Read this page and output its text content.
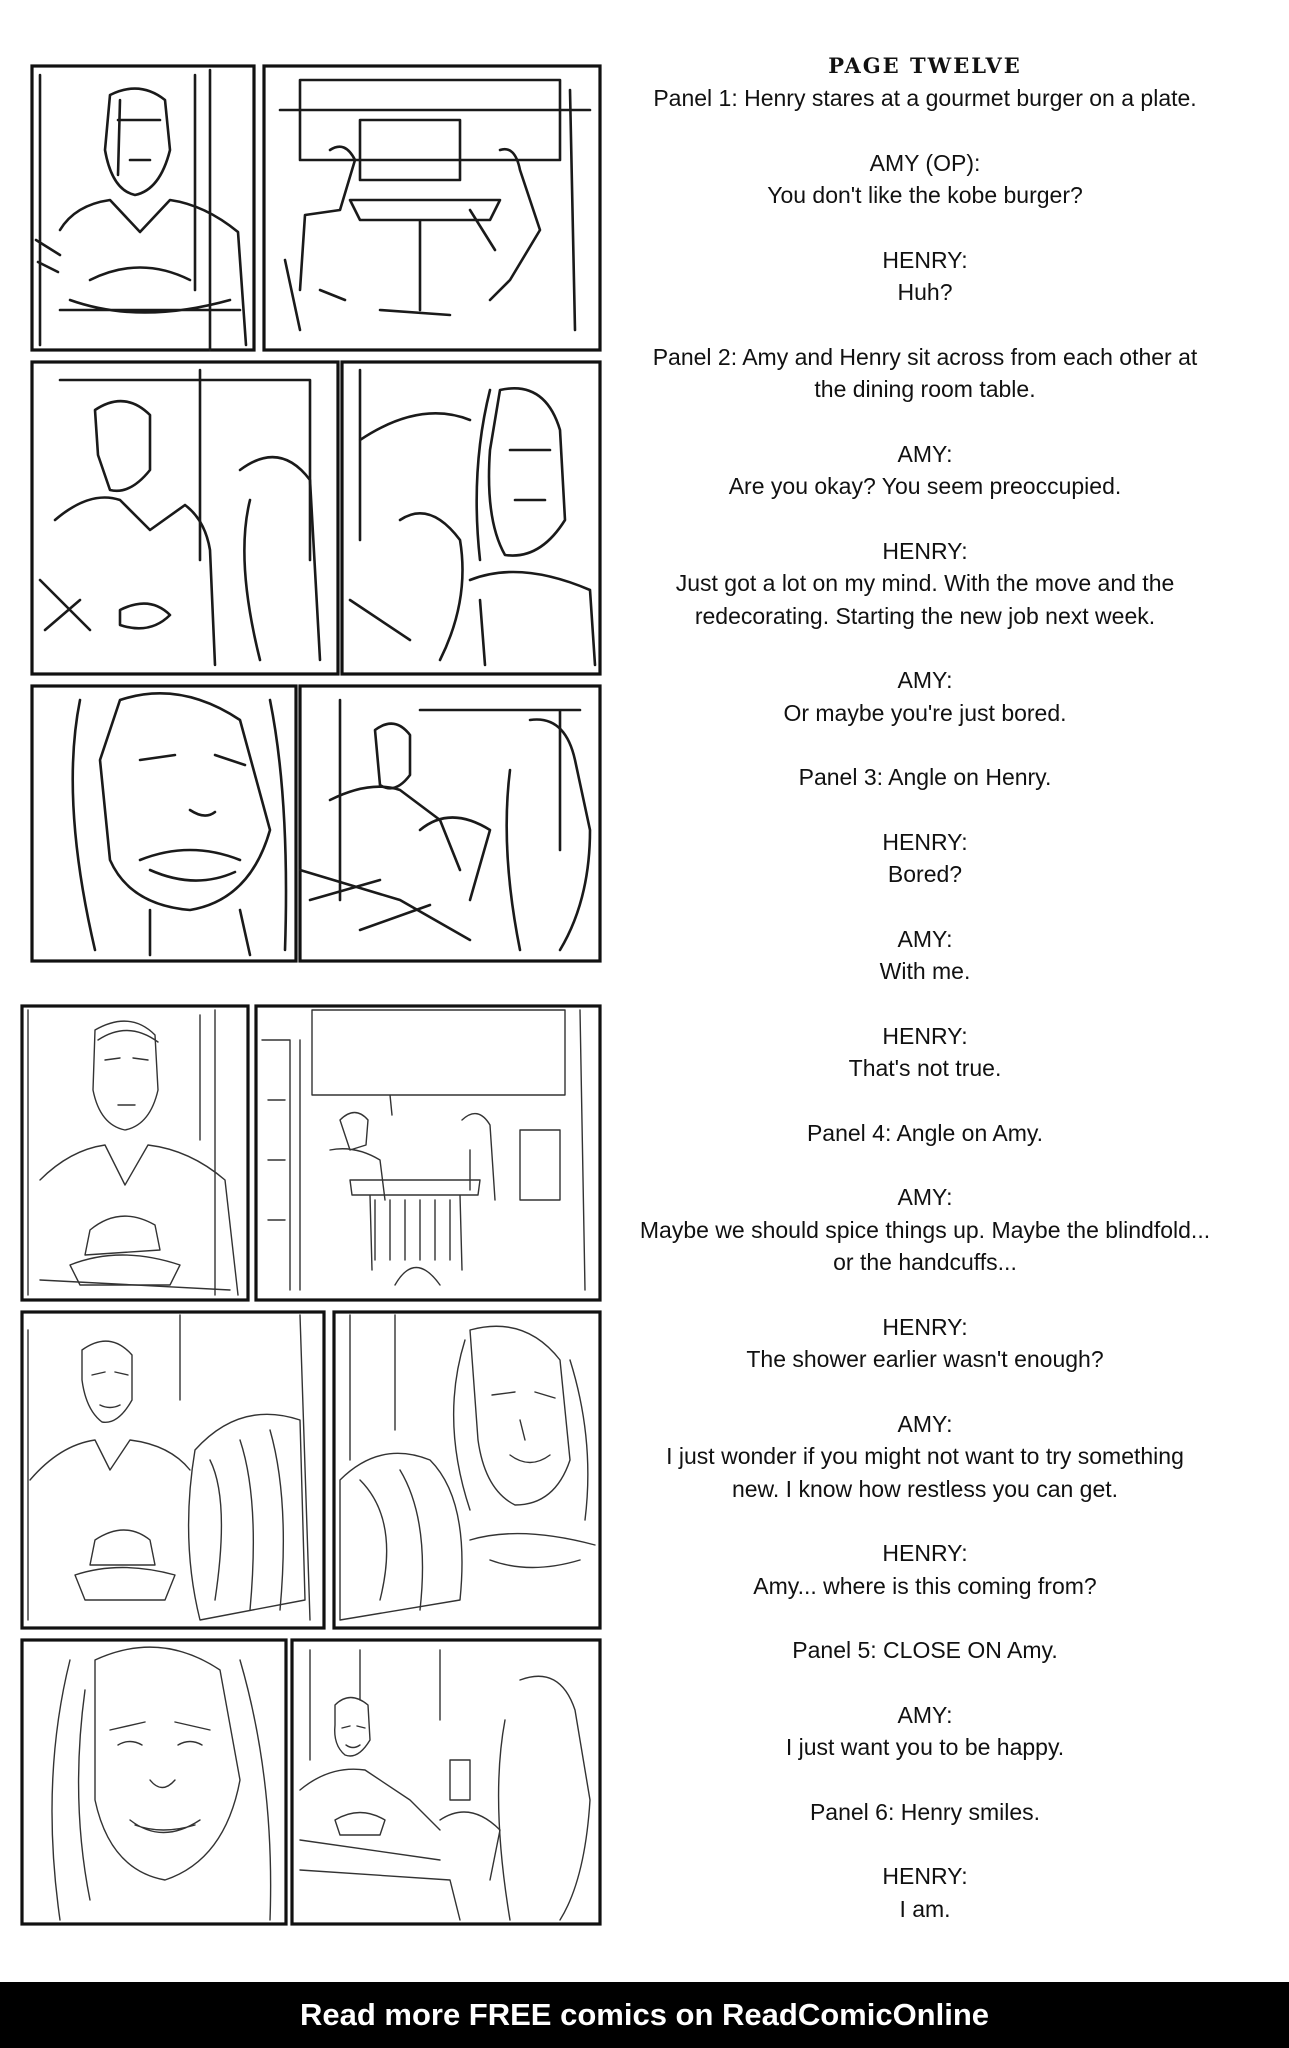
PAGE TWELVE
Panel 1: Henry stares at a gourmet burger on a plate.
AMY (OP):
You don't like the kobe burger?
HENRY:
Huh?
Panel 2: Amy and Henry sit across from each other at
the dining room table.
AMY:
Are you okay? You seem preoccupied.
HENRY:
Just got a lot on my mind. With the move and the
redecorating. Starting the new job next week.
AMY:
Or maybe you're just bored.
Panel 3: Angle on Henry.
HENRY:
Bored?
AMY:
With me.
HENRY:
That's not true.
Panel 4: Angle on Amy.
AMY:
Maybe we should spice things up. Maybe the blindfold...
or the handcuffs...
HENRY:
The shower earlier wasn't enough?
AMY:
I just wonder if you might not want to try something
new. I know how restless you can get.
HENRY:
Amy... where is this coming from?
Panel 5: CLOSE ON Amy.
AMY:
I just want you to be happy.
Panel 6: Henry smiles.
HENRY:
I am.
Read more FREE comics on ReadComicOnline
